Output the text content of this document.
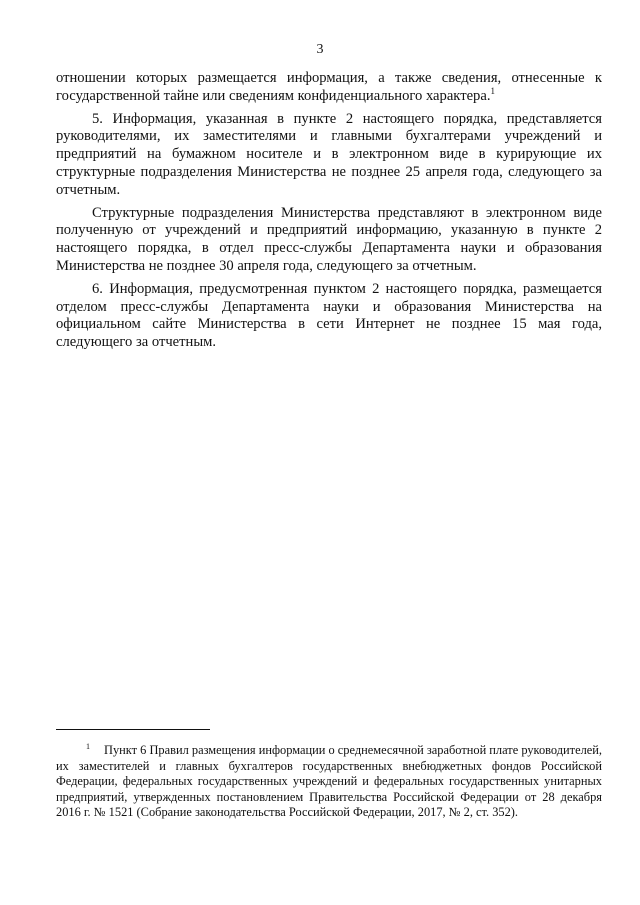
3

отношении которых размещается информация, а также сведения, отнесенные к государственной тайне или сведениям конфиденциального характера.$^1$

5. Информация, указанная в пункте 2 настоящего порядка, представляется руководителями, их заместителями и главными бухгалтерами учреждений и предприятий на бумажном носителе и в электронном виде в курирующие их структурные подразделения Министерства не позднее 25 апреля года, следующего за отчетным.

Структурные подразделения Министерства представляют в электронном виде полученную от учреждений и предприятий информацию, указанную в пункте 2 настоящего порядка, в отдел пресс-службы Департамента науки и образования Министерства не позднее 30 апреля года, следующего за отчетным.

6. Информация, предусмотренная пунктом 2 настоящего порядка, размещается отделом пресс-службы Департамента науки и образования Министерства на официальном сайте Министерства в сети Интернет не позднее 15 мая года, следующего за отчетным.

$^1$ Пункт 6 Правил размещения информации о среднемесячной заработной плате руководителей, их заместителей и главных бухгалтеров государственных внебюджетных фондов Российской Федерации, федеральных государственных учреждений и федеральных государственных унитарных предприятий, утвержденных постановлением Правительства Российской Федерации от 28 декабря 2016 г. № 1521 (Собрание законодательства Российской Федерации, 2017, № 2, ст. 352).
